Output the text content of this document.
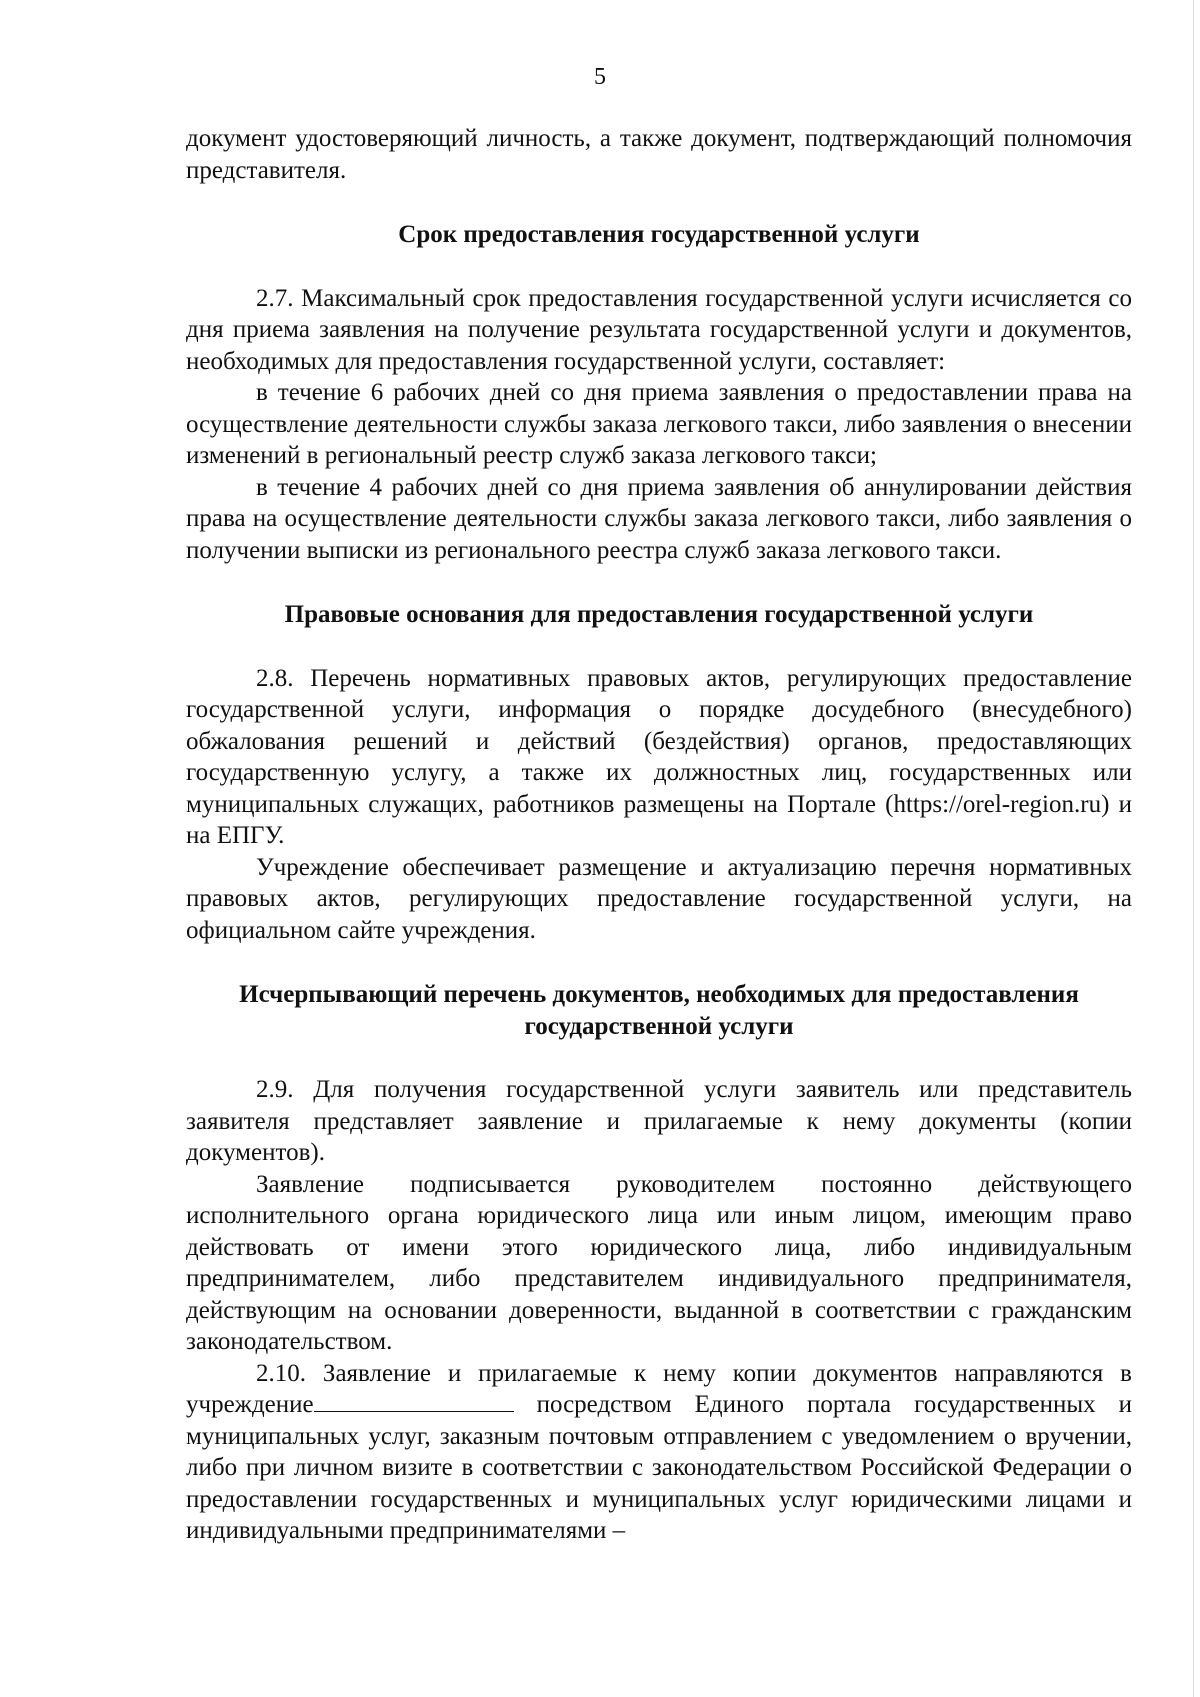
5

документ удостоверяющий личность, а также документ, подтверждающий полномочия представителя.

Срок предоставления государственной услуги

2.7. Максимальный срок предоставления государственной услуги исчисляется со дня приема заявления на получение результата государственной услуги и документов, необходимых для предоставления государственной услуги, составляет:

в течение 6 рабочих дней со дня приема заявления о предоставлении права на осуществление деятельности службы заказа легкового такси, либо заявления о внесении изменений в региональный реестр служб заказа легкового такси;

в течение 4 рабочих дней со дня приема заявления об аннулировании действия права на осуществление деятельности службы заказа легкового такси, либо заявления о получении выписки из регионального реестра служб заказа легкового такси.

Правовые основания для предоставления государственной услуги

2.8. Перечень нормативных правовых актов, регулирующих предоставление государственной услуги, информация о порядке досудебного (внесудебного) обжалования решений и действий (бездействия) органов, предоставляющих государственную услугу, а также их должностных лиц, государственных или муниципальных служащих, работников размещены на Портале (https://orel-region.ru) и на ЕПГУ.

Учреждение обеспечивает размещение и актуализацию перечня нормативных правовых актов, регулирующих предоставление государственной услуги, на официальном сайте учреждения.

Исчерпывающий перечень документов, необходимых для предоставления
государственной услуги

2.9. Для получения государственной услуги заявитель или представитель заявителя представляет заявление и прилагаемые к нему документы (копии документов).

Заявление подписывается руководителем постоянно действующего исполнительного органа юридического лица или иным лицом, имеющим право действовать от имени этого юридического лица, либо индивидуальным предпринимателем, либо представителем индивидуального предпринимателя, действующим на основании доверенности, выданной в соответствии с гражданским законодательством.

2.10. Заявление и прилагаемые к нему копии документов направляются в учреждение	посредством Единого портала государственных и муниципальных услуг, заказным почтовым отправлением с уведомлением о вручении, либо при личном визите в соответствии с законодательством Российской Федерации о предоставлении государственных и муниципальных услуг юридическими лицами и индивидуальными предпринимателями –
